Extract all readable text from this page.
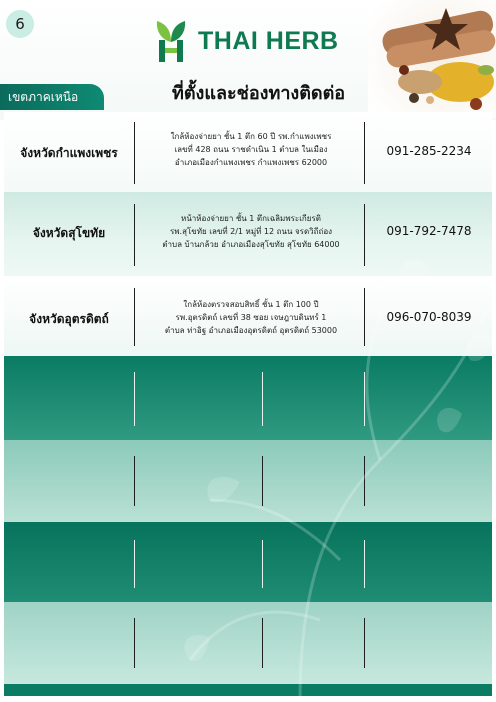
6
THAI HERB
เขตภาคเหนือ	ที่ตั้งและช่องทางติดต่อ
จังหวัดกำแพงเพชร
ใกล้ห้องจ่ายยา ชั้น 1 ตึก 60 ปี รพ.กำแพงเพชร
เลขที่ 428 ถนน ราชดำเนิน 1 ตำบล ในเมือง
อำเภอเมืองกำแพงเพชร กำแพงเพชร 62000
091-285-2234
จังหวัดสุโขทัย
หน้าห้องจ่ายยา ชั้น 1 ตึกเฉลิมพระเกียรติ
รพ.สุโขทัย เลขที่ 2/1 หมู่ที่ 12 ถนน จรดวิถีถ่อง
ตำบล บ้านกล้วย อำเภอเมืองสุโขทัย สุโขทัย 64000
091-792-7478
จังหวัดอุตรดิตถ์
ใกล้ห้องตรวจสอบสิทธิ์ ชั้น 1 ตึก 100 ปี
รพ.อุตรดิตถ์ เลขที่ 38 ซอย เจษฎาบดินทร์ 1
ตำบล ท่าอิฐ อำเภอเมืองอุตรดิตถ์ อุตรดิตถ์ 53000
096-070-8039
